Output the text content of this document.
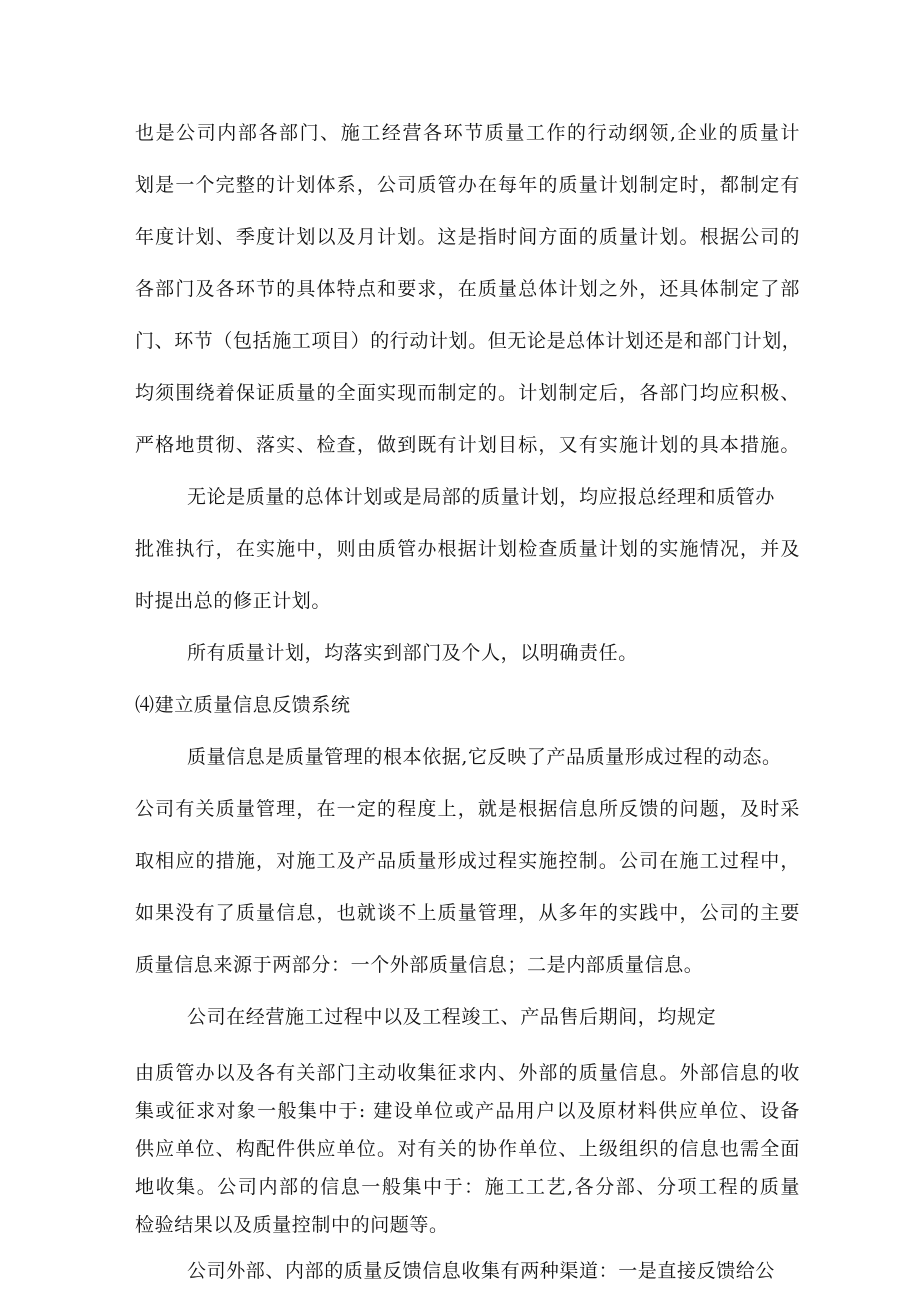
也是公司内部各部门、施工经营各环节质量工作的行动纲领,企业的质量计
划是一个完整的计划体系，公司质管办在每年的质量计划制定时，都制定有
年度计划、季度计划以及月计划。这是指时间方面的质量计划。根据公司的
各部门及各环节的具体特点和要求，在质量总体计划之外，还具体制定了部
门、环节（包括施工项目）的行动计划。但无论是总体计划还是和部门计划，
均须围绕着保证质量的全面实现而制定的。计划制定后，各部门均应积极、
严格地贯彻、落实、检查，做到既有计划目标，又有实施计划的具本措施。
无论是质量的总体计划或是局部的质量计划，均应报总经理和质管办
批准执行，在实施中，则由质管办根据计划检查质量计划的实施情况，并及
时提出总的修正计划。
所有质量计划，均落实到部门及个人，以明确责任。
⑷建立质量信息反馈系统
质量信息是质量管理的根本依据,它反映了产品质量形成过程的动态。
公司有关质量管理，在一定的程度上，就是根据信息所反馈的问题，及时采
取相应的措施，对施工及产品质量形成过程实施控制。公司在施工过程中，
如果没有了质量信息，也就谈不上质量管理，从多年的实践中，公司的主要
质量信息来源于两部分：一个外部质量信息；二是内部质量信息。
公司在经营施工过程中以及工程竣工、产品售后期间，均规定
由质管办以及各有关部门主动收集征求内、外部的质量信息。外部信息的收
集或征求对象一般集中于: 建设单位或产品用户以及原材料供应单位、设备
供应单位、构配件供应单位。对有关的协作单位、上级组织的信息也需全面
地收集。公司内部的信息一般集中于：施工工艺,各分部、分项工程的质量
检验结果以及质量控制中的问题等。
公司外部、内部的质量反馈信息收集有两种渠道：一是直接反馈给公
